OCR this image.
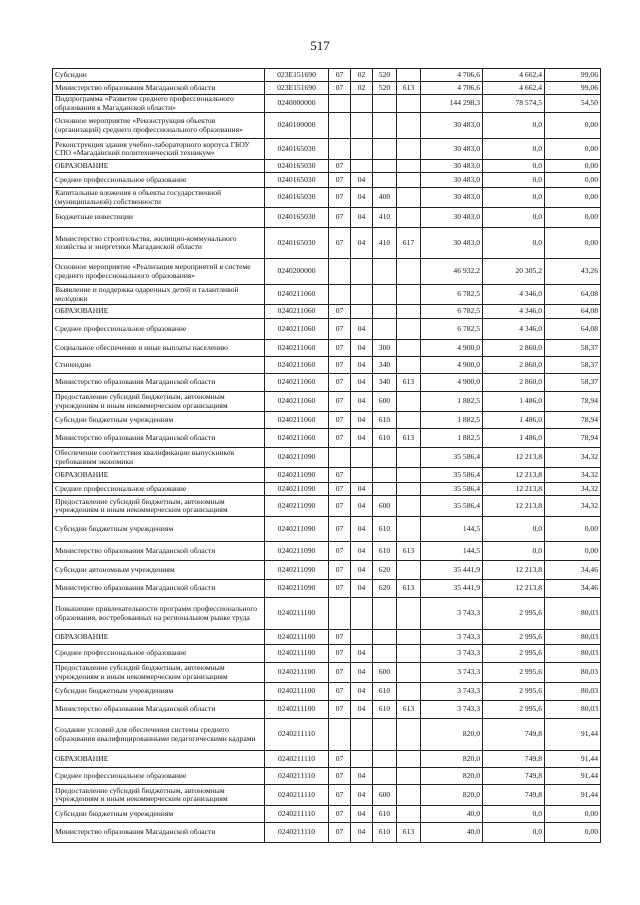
517
Субсидии	023Е151690	07	02	520		4 706,6	4 662,4	99,06
Министерство образования Магаданской области	023Е151690	07	02	520	613	4 706,6	4 662,4	99,06
Подпрограмма «Развитие среднего профессионального образования в Магаданской области»	0240000000					144 298,3	78 574,5	54,50
Основное мероприятие «Реконструкция объектов (организаций) среднего профессионального образования»	0240100000					30 483,0	0,0	0,00
Реконструкция здания учебно-лабораторного корпуса ГБОУ СПО «Магаданский политехнический техникум»	0240165030					30 483,0	0,0	0,00
ОБРАЗОВАНИЕ	0240165030	07				30 483,0	0,0	0,00
Среднее профессиональное образование	0240165030	07	04			30 483,0	0,0	0,00
Капитальные вложения в объекты государственной (муниципальной) собственности	0240165030	07	04	400		30 483,0	0,0	0,00
Бюджетные инвестиции	0240165030	07	04	410		30 483,0	0,0	0,00
Министерство строительства, жилищно-коммунального хозяйства и энергетики Магаданской области	0240165030	07	04	410	617	30 483,0	0,0	0,00
Основное мероприятие «Реализация мероприятий в системе среднего профессионального образования»	0240200000					46 932,2	20 305,2	43,26
Выявление и поддержка одаренных детей и талантливой молодежи	0240211060					6 782,5	4 346,0	64,08
ОБРАЗОВАНИЕ	0240211060	07				6 782,5	4 346,0	64,08
Среднее профессиональное образование	0240211060	07	04			6 782,5	4 346,0	64,08
Социальное обеспечение и иные выплаты населению	0240211060	07	04	300		4 900,0	2 860,0	58,37
Стипендии	0240211060	07	04	340		4 900,0	2 860,0	58,37
Министерство образования Магаданской области	0240211060	07	04	340	613	4 900,0	2 860,0	58,37
Предоставление субсидий бюджетным, автономным учреждениям и иным некоммерческим организациям	0240211060	07	04	600		1 882,5	1 486,0	78,94
Субсидии бюджетным учреждениям	0240211060	07	04	610		1 882,5	1 486,0	78,94
Министерство образования Магаданской области	0240211060	07	04	610	613	1 882,5	1 486,0	78,94
Обеспечение соответствия квалификации выпускников требованиям экономики	0240211090					35 586,4	12 213,8	34,32
ОБРАЗОВАНИЕ	0240211090	07				35 586,4	12 213,8	34,32
Среднее профессиональное образование	0240211090	07	04			35 586,4	12 213,8	34,32
Предоставление субсидий бюджетным, автономным учреждениям и иным некоммерческим организациям	0240211090	07	04	600		35 586,4	12 213,8	34,32
Субсидии бюджетным учреждениям	0240211090	07	04	610		144,5	0,0	0,00
Министерство образования Магаданской области	0240211090	07	04	610	613	144,5	0,0	0,00
Субсидии автономным учреждениям	0240211090	07	04	620		35 441,9	12 213,8	34,46
Министерство образования Магаданской области	0240211090	07	04	620	613	35 441,9	12 213,8	34,46
Повышение привлекательности программ профессионального образования, востребованных на региональном рынке труда	0240211100					3 743,3	2 995,6	80,03
ОБРАЗОВАНИЕ	0240211100	07				3 743,3	2 995,6	80,03
Среднее профессиональное образование	0240211100	07	04			3 743,3	2 995,6	80,03
Предоставление субсидий бюджетным, автономным учреждениям и иным некоммерческим организациям	0240211100	07	04	600		3 743,3	2 995,6	80,03
Субсидии бюджетным учреждениям	0240211100	07	04	610		3 743,3	2 995,6	80,03
Министерство образования Магаданской области	0240211100	07	04	610	613	3 743,3	2 995,6	80,03
Создание условий для обеспечения системы среднего образования квалифицированными педагогическими кадрами	0240211110					820,0	749,8	91,44
ОБРАЗОВАНИЕ	0240211110	07				820,0	749,8	91,44
Среднее профессиональное образование	0240211110	07	04			820,0	749,8	91,44
Предоставление субсидий бюджетным, автономным учреждениям и иным некоммерческим организациям	0240211110	07	04	600		820,0	749,8	91,44
Субсидии бюджетным учреждениям	0240211110	07	04	610		40,0	0,0	0,00
Министерство образования Магаданской области	0240211110	07	04	610	613	40,0	0,0	0,00
